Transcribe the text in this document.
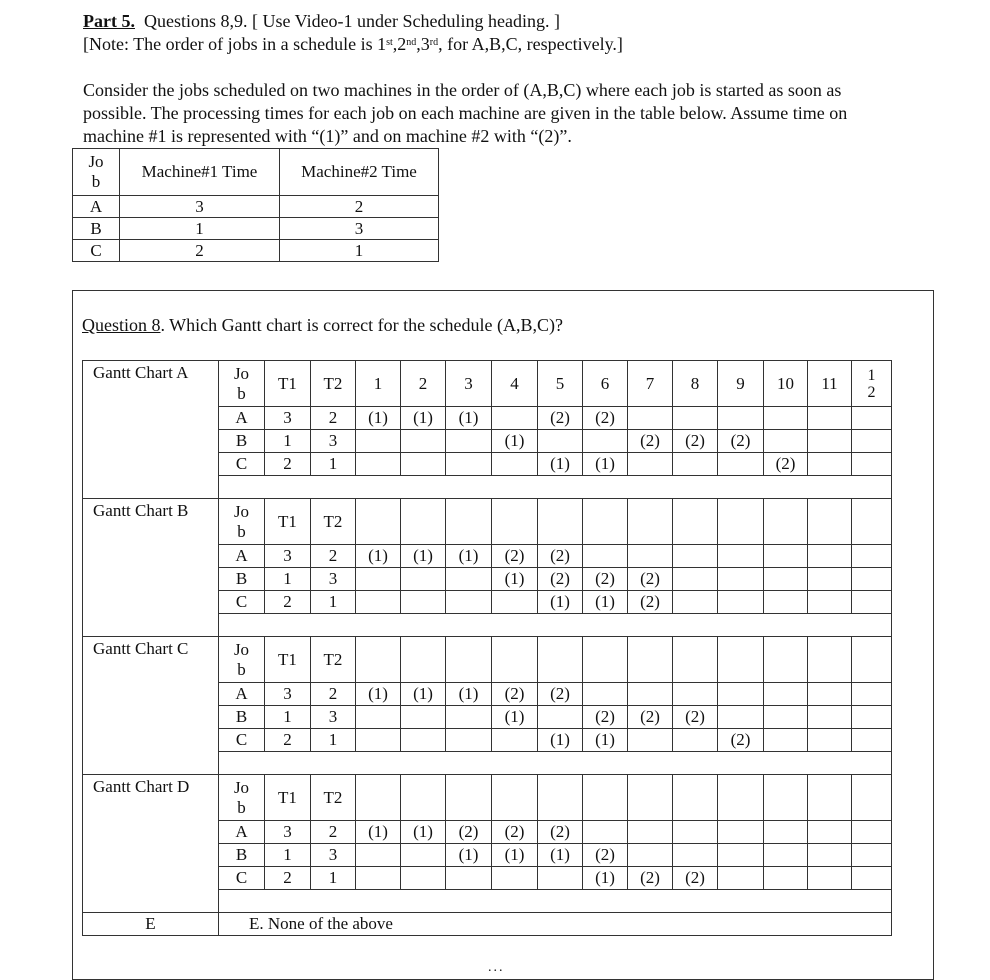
Part 5. Questions 8,9. [ Use Video-1 under Scheduling heading. ]
[Note: The order of jobs in a schedule is 1st,2nd,3rd, for A,B,C, respectively.]
Consider the jobs scheduled on two machines in the order of (A,B,C) where each job is started as soon as
possible. The processing times for each job on each machine are given in the table below. Assume time on
machine #1 is represented with “(1)” and on machine #2 with “(2)”.
Jo
b	Machine#1 Time	Machine#2 Time
A	3	2
B	1	3
C	2	1
Question 8. Which Gantt chart is correct for the schedule (A,B,C)?
Gantt Chart A	Jo
b	T1	T2	1	2	3	4	5	6	7	8	9	10	11	1
2
	A	3	2	(1)	(1)	(1)		(2)	(2)						
	B	1	3				(1)			(2)	(2)	(2)			
	C	2	1					(1)	(1)				(2)		

Gantt Chart B	Jo
b	T1	T2												
	A	3	2	(1)	(1)	(1)	(2)	(2)							
	B	1	3				(1)	(2)	(2)	(2)					
	C	2	1					(1)	(1)	(2)					

Gantt Chart C	Jo
b	T1	T2												
	A	3	2	(1)	(1)	(1)	(2)	(2)							
	B	1	3				(1)		(2)	(2)	(2)				
	C	2	1					(1)	(1)			(2)			

Gantt Chart D	Jo
b	T1	T2												
	A	3	2	(1)	(1)	(2)	(2)	(2)							
	B	1	3			(1)	(1)	(1)	(2)						
	C	2	1						(1)	(2)	(2)				

E	E. None of the above														
...
